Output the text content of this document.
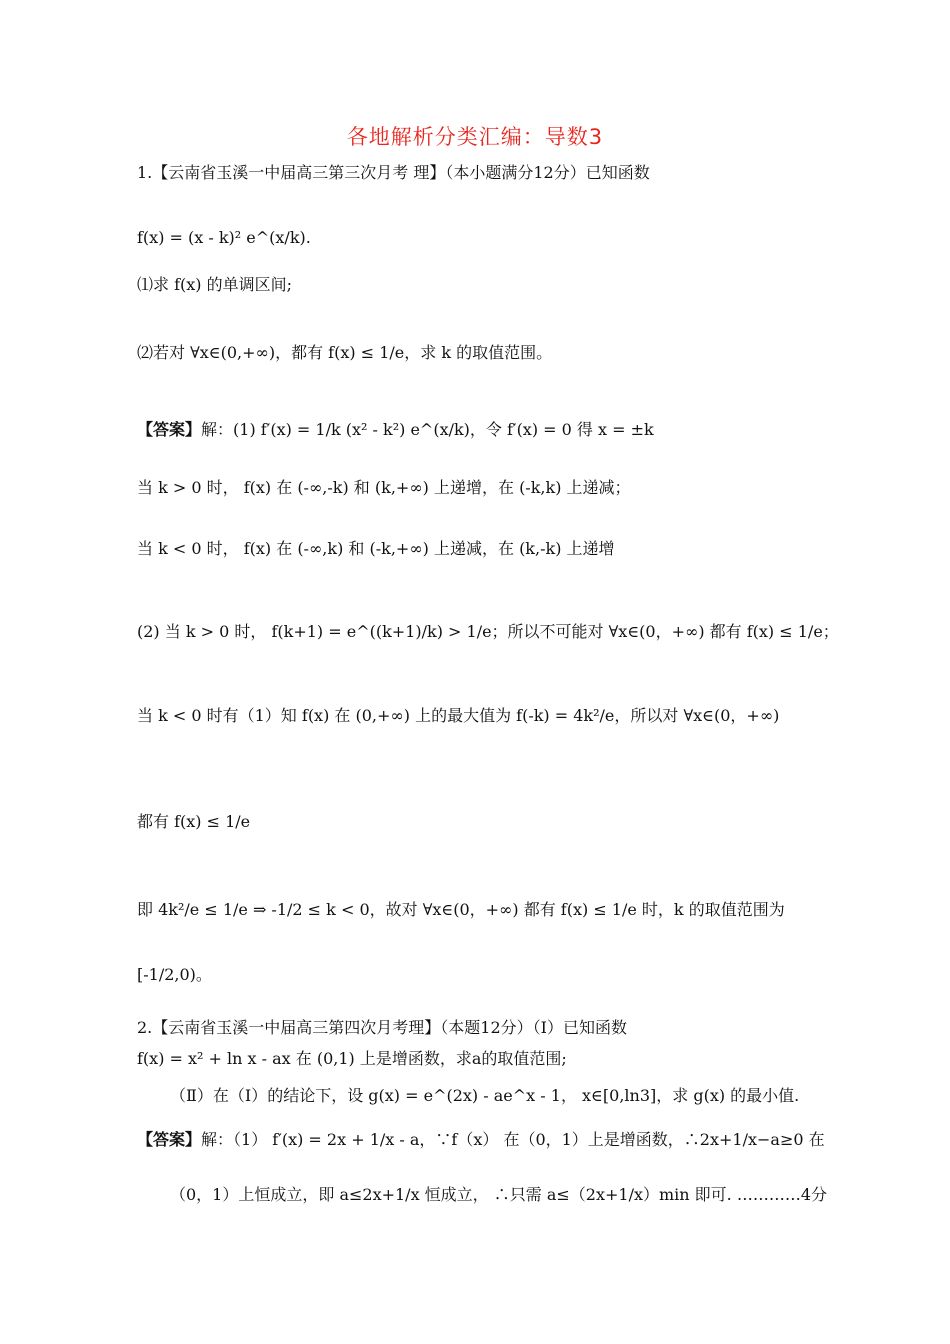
各地解析分类汇编：导数3
1.【云南省玉溪一中届高三第三次月考 理】（本小题满分12分）已知函数
f(x) = (x - k)² e^(x/k).
⑴求 f(x) 的单调区间;
⑵若对 ∀x∈(0,+∞)，都有 f(x) ≤ 1/e，求 k 的取值范围。
【答案】解：(1) f′(x) = 1/k (x² - k²) e^(x/k)，令 f′(x) = 0 得 x = ±k
当 k > 0 时， f(x) 在 (-∞,-k) 和 (k,+∞) 上递增，在 (-k,k) 上递减；
当 k < 0 时， f(x) 在 (-∞,k) 和 (-k,+∞) 上递减，在 (k,-k) 上递增
(2) 当 k > 0 时， f(k+1) = e^((k+1)/k) > 1/e；所以不可能对 ∀x∈(0，+∞) 都有 f(x) ≤ 1/e；
当 k < 0 时有（1）知 f(x) 在 (0,+∞) 上的最大值为 f(-k) = 4k²/e，所以对 ∀x∈(0，+∞)
都有 f(x) ≤ 1/e
即 4k²/e ≤ 1/e ⇒ -1/2 ≤ k < 0，故对 ∀x∈(0，+∞) 都有 f(x) ≤ 1/e 时，k 的取值范围为
[-1/2,0)。
2.【云南省玉溪一中届高三第四次月考理】（本题12分）（Ⅰ）已知函数
f(x) = x² + ln x - ax 在 (0,1) 上是增函数，求a的取值范围;
（Ⅱ）在（Ⅰ）的结论下，设 g(x) = e^(2x) - ae^x - 1， x∈[0,ln3]，求 g(x) 的最小值.
【答案】解：（1） f′(x) = 2x + 1/x - a，∵f（x） 在（0，1）上是增函数，∴2x+1/x−a≥0 在
（0，1）上恒成立，即 a≤2x+1/x 恒成立， ∴只需 a≤（2x+1/x）min 即可. …………4分
